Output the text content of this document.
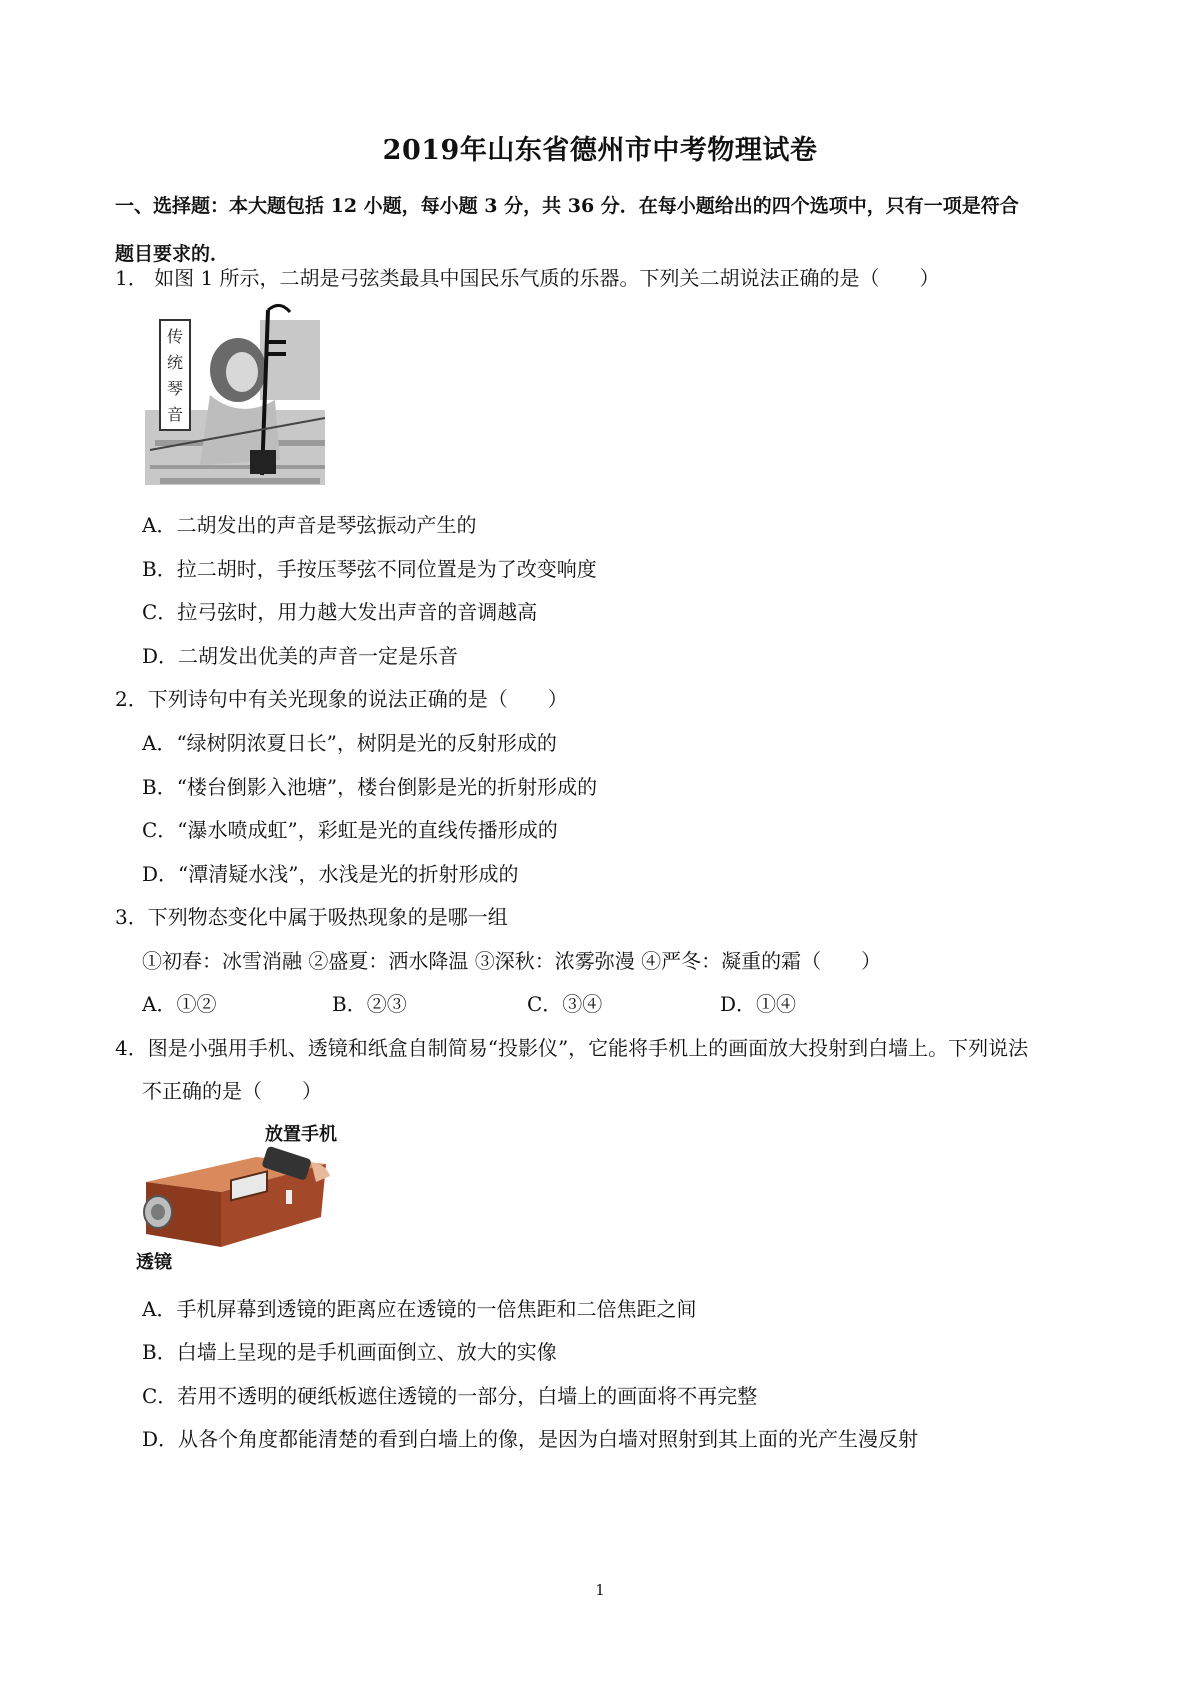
2019年山东省德州市中考物理试卷
一、选择题：本大题包括 12 小题，每小题 3 分，共 36 分．在每小题给出的四个选项中，只有一项是符合
题目要求的．
1． 如图 1 所示，二胡是弓弦类最具中国民乐气质的乐器。下列关二胡说法正确的是（　　）
传
统
琴
音
A．二胡发出的声音是琴弦振动产生的
B．拉二胡时，手按压琴弦不同位置是为了改变响度
C．拉弓弦时，用力越大发出声音的音调越高
D．二胡发出优美的声音一定是乐音
2．下列诗句中有关光现象的说法正确的是（　　）
A．“绿树阴浓夏日长”，树阴是光的反射形成的
B．“楼台倒影入池塘”，楼台倒影是光的折射形成的
C．“瀑水喷成虹”，彩虹是光的直线传播形成的
D．“潭清疑水浅”，水浅是光的折射形成的
3．下列物态变化中属于吸热现象的是哪一组
①初春：冰雪消融 ②盛夏：洒水降温 ③深秋：浓雾弥漫 ④严冬：凝重的霜（　　）
A．①②	B．②③	C．③④	D．①④
4．图是小强用手机、透镜和纸盒自制简易“投影仪”，它能将手机上的画面放大投射到白墙上。下列说法
不正确的是（　　）
放置手机
透镜
A．手机屏幕到透镜的距离应在透镜的一倍焦距和二倍焦距之间
B．白墙上呈现的是手机画面倒立、放大的实像
C．若用不透明的硬纸板遮住透镜的一部分，白墙上的画面将不再完整
D．从各个角度都能清楚的看到白墙上的像，是因为白墙对照射到其上面的光产生漫反射
1
